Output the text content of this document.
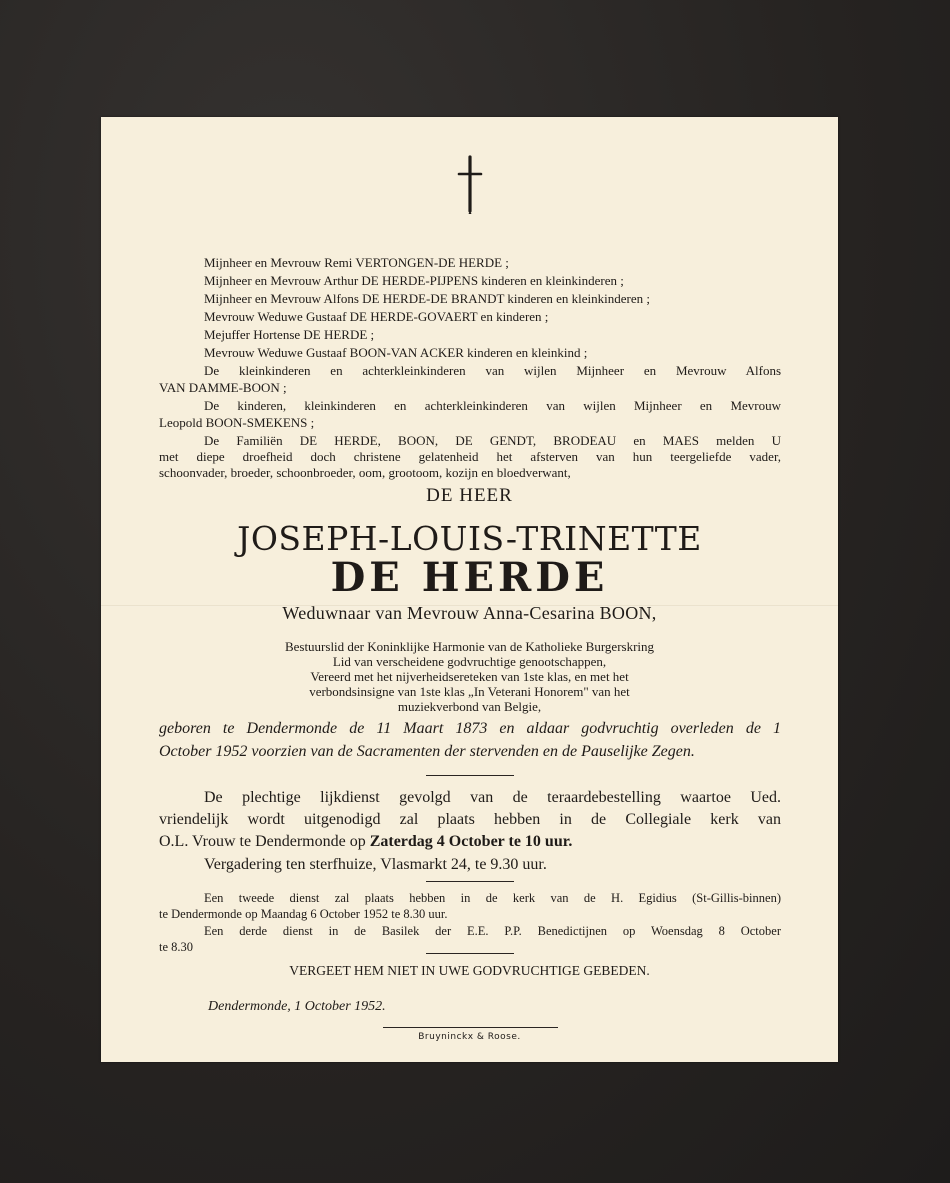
Mijnheer en Mevrouw Remi VERTONGEN-DE HERDE ;
Mijnheer en Mevrouw Arthur DE HERDE-PIJPENS kinderen en kleinkinderen ;
Mijnheer en Mevrouw Alfons DE HERDE-DE BRANDT kinderen en kleinkinderen ;
Mevrouw Weduwe Gustaaf DE HERDE-GOVAERT en kinderen ;
Mejuffer Hortense DE HERDE ;
Mevrouw Weduwe Gustaaf BOON-VAN ACKER kinderen en kleinkind ;
De kleinkinderen en achterkleinkinderen van wijlen Mijnheer en Mevrouw Alfons
VAN DAMME-BOON ;
De kinderen, kleinkinderen en achterkleinkinderen van wijlen Mijnheer en Mevrouw
Leopold BOON-SMEKENS ;
De Familiën DE HERDE, BOON, DE GENDT, BRODEAU en MAES melden U
met diepe droefheid doch christene gelatenheid het afsterven van hun teergeliefde vader,
schoonvader, broeder, schoonbroeder, oom, grootoom, kozijn en bloedverwant,
DE HEER
JOSEPH-LOUIS-TRINETTE
DE HERDE
Weduwnaar van Mevrouw Anna-Cesarina BOON,
Bestuurslid der Koninklijke Harmonie van de Katholieke Burgerskring
Lid van verscheidene godvruchtige genootschappen,
Vereerd met het nijverheidsereteken van 1ste klas, en met het
verbondsinsigne van 1ste klas „In Veterani Honorem" van het
muziekverbond van Belgie,
geboren te Dendermonde de 11 Maart 1873 en aldaar godvruchtig overleden de 1
October 1952 voorzien van de Sacramenten der stervenden en de Pauselijke Zegen.
De plechtige lijkdienst gevolgd van de teraardebestelling waartoe Ued.
vriendelijk wordt uitgenodigd zal plaats hebben in de Collegiale kerk van
O.L. Vrouw te Dendermonde op Zaterdag 4 October te 10 uur.
Vergadering ten sterfhuize, Vlasmarkt 24, te 9.30 uur.
Een tweede dienst zal plaats hebben in de kerk van de H. Egidius (St-Gillis-binnen)
te Dendermonde op Maandag 6 October 1952 te 8.30 uur.
Een derde dienst in de Basilek der E.E. P.P. Benedictijnen op Woensdag 8 October
te 8.30
VERGEET HEM NIET IN UWE GODVRUCHTIGE GEBEDEN.
Dendermonde, 1 October 1952.
Bruyninckx & Roose.
